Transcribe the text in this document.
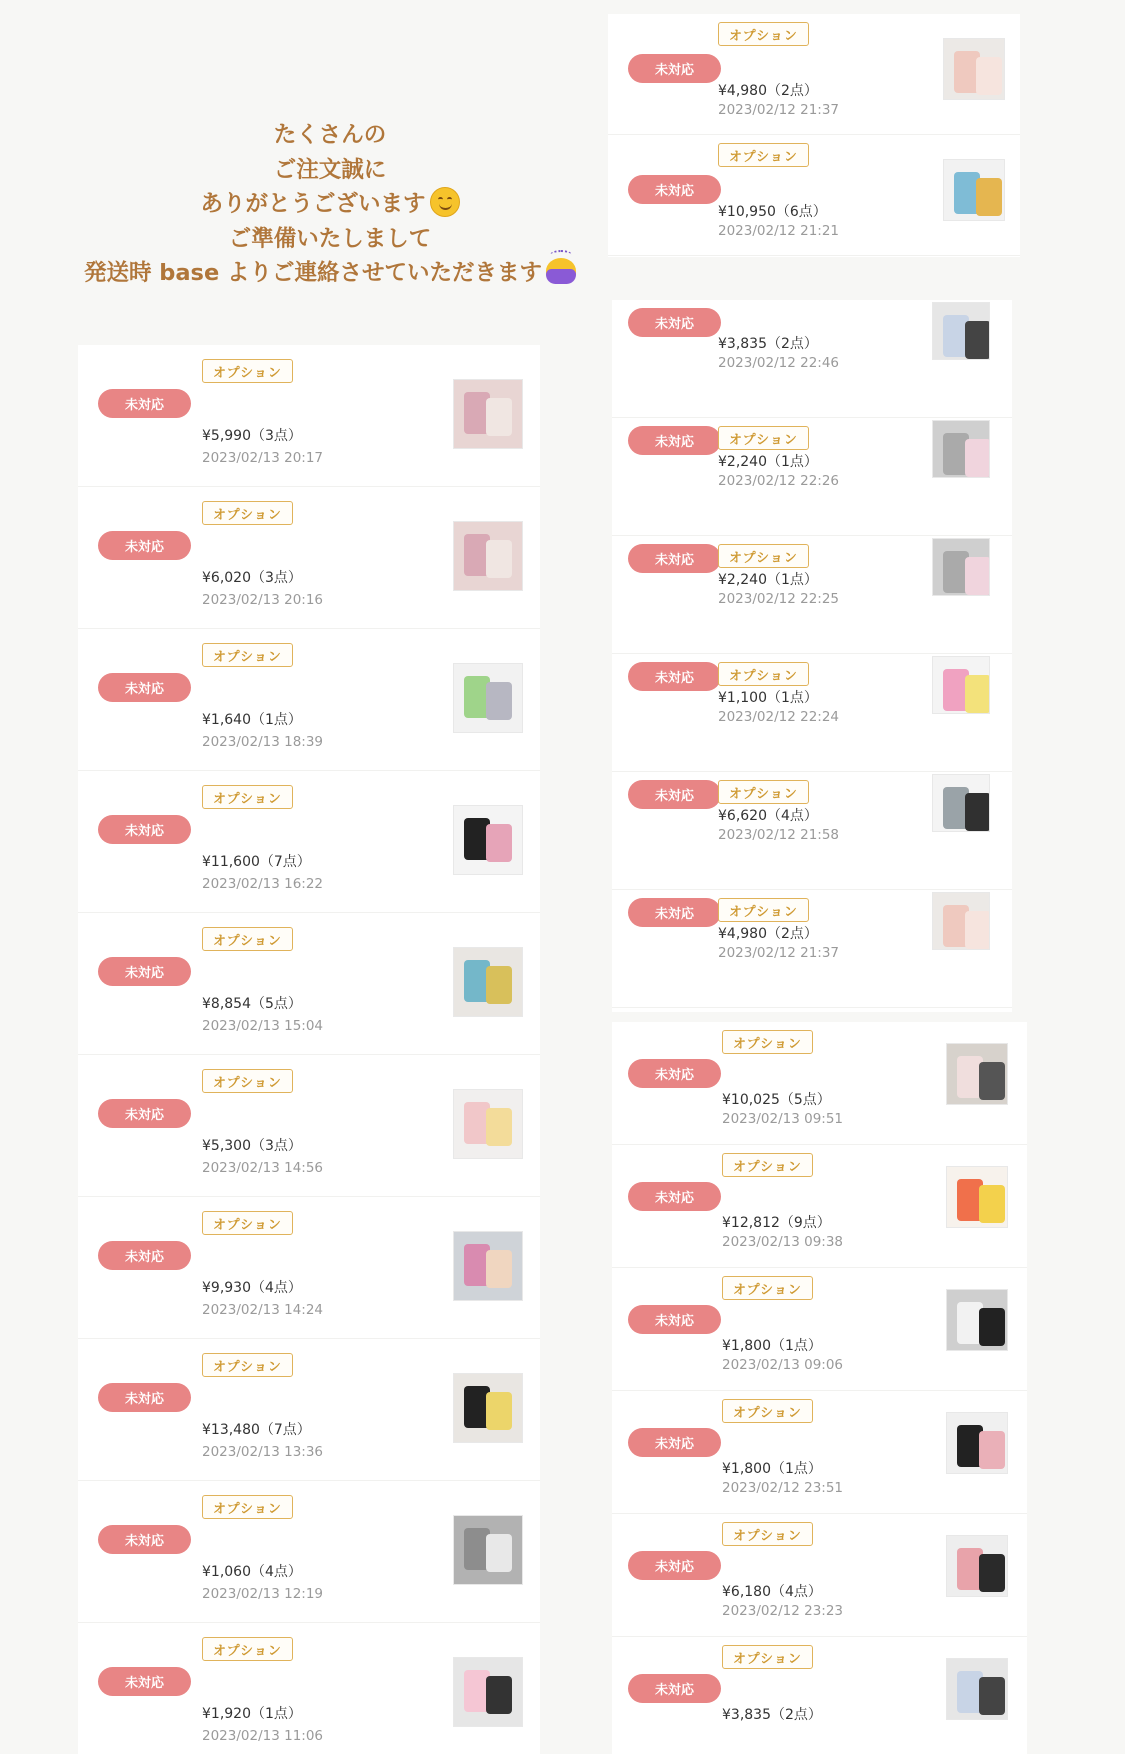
たくさんの
ご注文誠に
ありがとうございます
ご準備いたしまして
発送時 base よりご連絡させていただきます
未対応
オプション
¥5,990（3点）
2023/02/13 20:17
未対応
オプション
¥6,020（3点）
2023/02/13 20:16
未対応
オプション
¥1,640（1点）
2023/02/13 18:39
未対応
オプション
¥11,600（7点）
2023/02/13 16:22
未対応
オプション
¥8,854（5点）
2023/02/13 15:04
未対応
オプション
¥5,300（3点）
2023/02/13 14:56
未対応
オプション
¥9,930（4点）
2023/02/13 14:24
未対応
オプション
¥13,480（7点）
2023/02/13 13:36
未対応
オプション
¥1,060（4点）
2023/02/13 12:19
未対応
オプション
¥1,920（1点）
2023/02/13 11:06
未対応
オプション
¥4,980（2点）
2023/02/12 21:37
未対応
オプション
¥10,950（6点）
2023/02/12 21:21
未対応
¥3,835（2点）
2023/02/12 22:46
未対応	オプション
¥2,240（1点）
2023/02/12 22:26
未対応	オプション
¥2,240（1点）
2023/02/12 22:25
未対応	オプション
¥1,100（1点）
2023/02/12 22:24
未対応	オプション
¥6,620（4点）
2023/02/12 21:58
未対応	オプション
¥4,980（2点）
2023/02/12 21:37
未対応
オプション
¥10,025（5点）
2023/02/13 09:51
未対応
オプション
¥12,812（9点）
2023/02/13 09:38
未対応
オプション
¥1,800（1点）
2023/02/13 09:06
未対応
オプション
¥1,800（1点）
2023/02/12 23:51
未対応
オプション
¥6,180（4点）
2023/02/12 23:23
未対応
オプション
¥3,835（2点）
